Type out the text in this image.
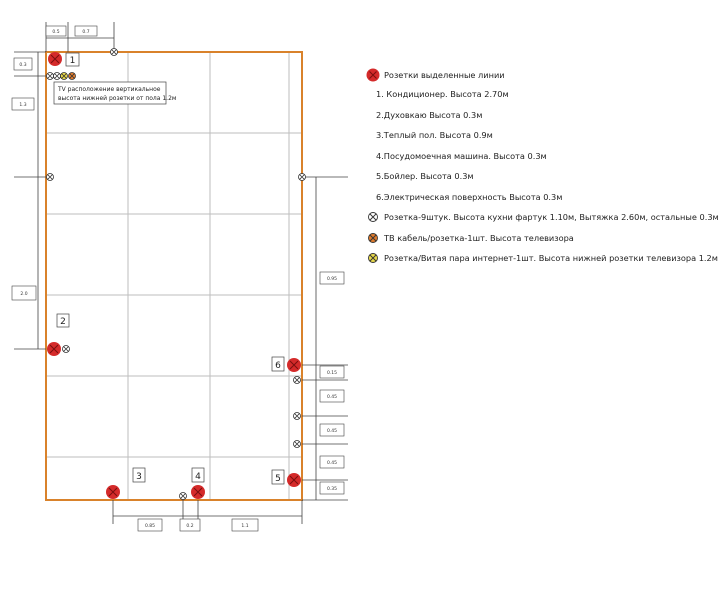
0.5	0.7
0.3
1.3
2.0
0.95
0.15
0.45
0.45
0.45
0.35
0.85	0.2	1.1
TV расположение вертикальное
высота нижней розетки от пола 1.2м
1
2
3	4	5
6
Розетки выделенные линии
1. Кондиционер. Высота 2.70м
2.Духовкаю Высота 0.3м
3.Теплый пол. Высота 0.9м
4.Посудомоечная машина. Высота 0.3м
5.Бойлер. Высота 0.3м
6.Электрическая поверхность Высота 0.3м
Розетка-9штук. Высота кухни фартук 1.10м, Вытяжка 2.60м, остальные 0.3м
ТВ кабель/розетка-1шт. Высота телевизора
Розетка/Витая пара интернет-1шт. Высота нижней розетки телевизора 1.2м
